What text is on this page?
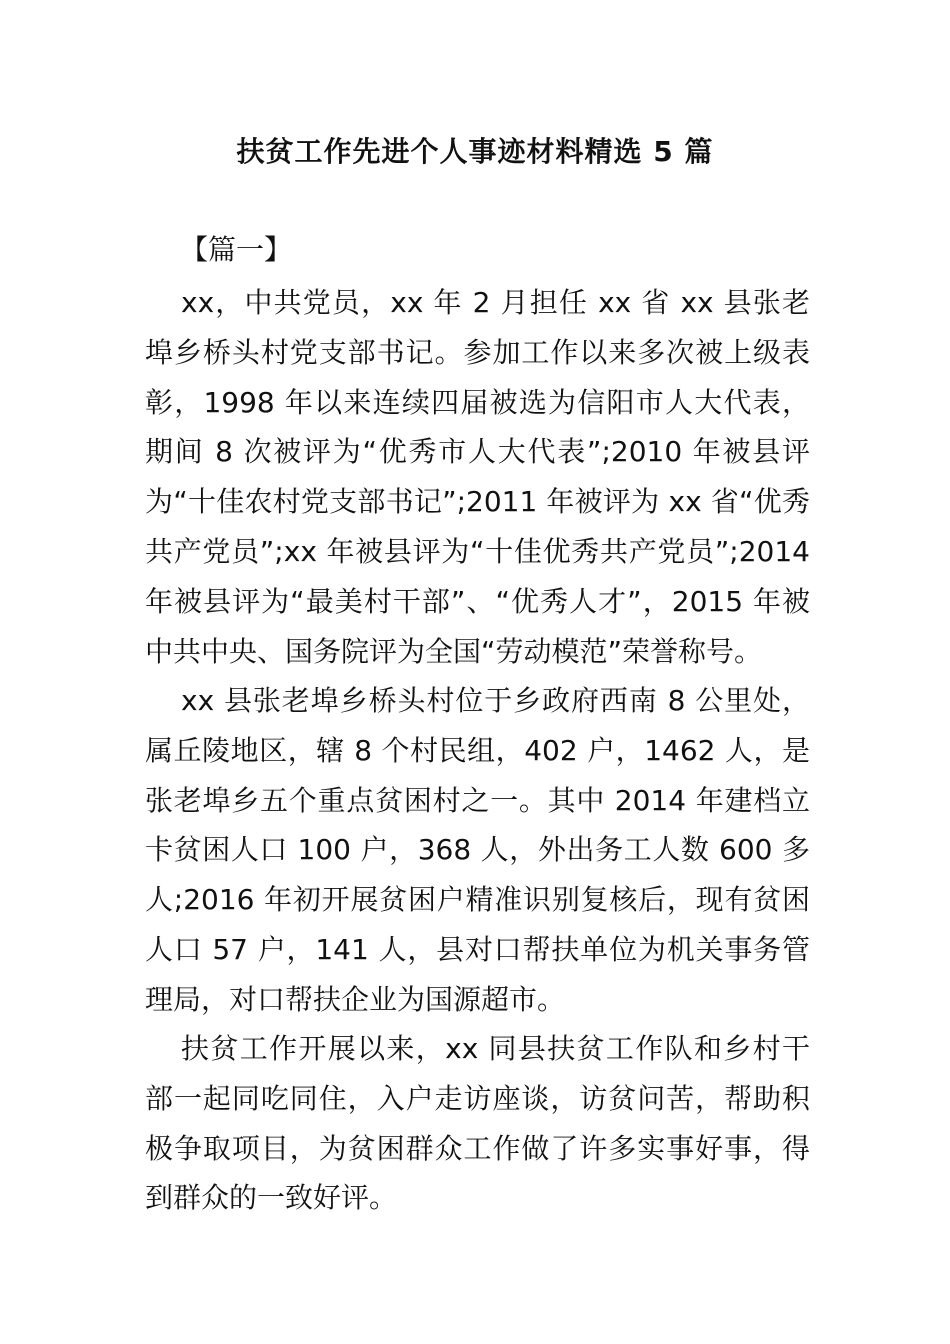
扶贫工作先进个人事迹材料精选 5 篇
【篇一】

xx，中共党员，xx 年 2 月担任 xx 省 xx 县张老埠乡桥头村党支部书记。参加工作以来多次被上级表彰，1998 年以来连续四届被选为信阳市人大代表，期间 8 次被评为“优秀市人大代表”;2010 年被县评为“十佳农村党支部书记”;2011 年被评为 xx 省“优秀共产党员”;xx 年被县评为“十佳优秀共产党员”;2014 年被县评为“最美村干部”、“优秀人才”，2015 年被中共中央、国务院评为全国“劳动模范”荣誉称号。

xx 县张老埠乡桥头村位于乡政府西南 8 公里处，属丘陵地区，辖 8 个村民组，402 户，1462 人，是张老埠乡五个重点贫困村之一。其中 2014 年建档立卡贫困人口 100 户，368 人，外出务工人数 600 多人;2016 年初开展贫困户精准识别复核后，现有贫困人口 57 户，141 人，县对口帮扶单位为机关事务管理局，对口帮扶企业为国源超市。

扶贫工作开展以来，xx 同县扶贫工作队和乡村干部一起同吃同住，入户走访座谈，访贫问苦，帮助积极争取项目，为贫困群众工作做了许多实事好事，得到群众的一致好评。
